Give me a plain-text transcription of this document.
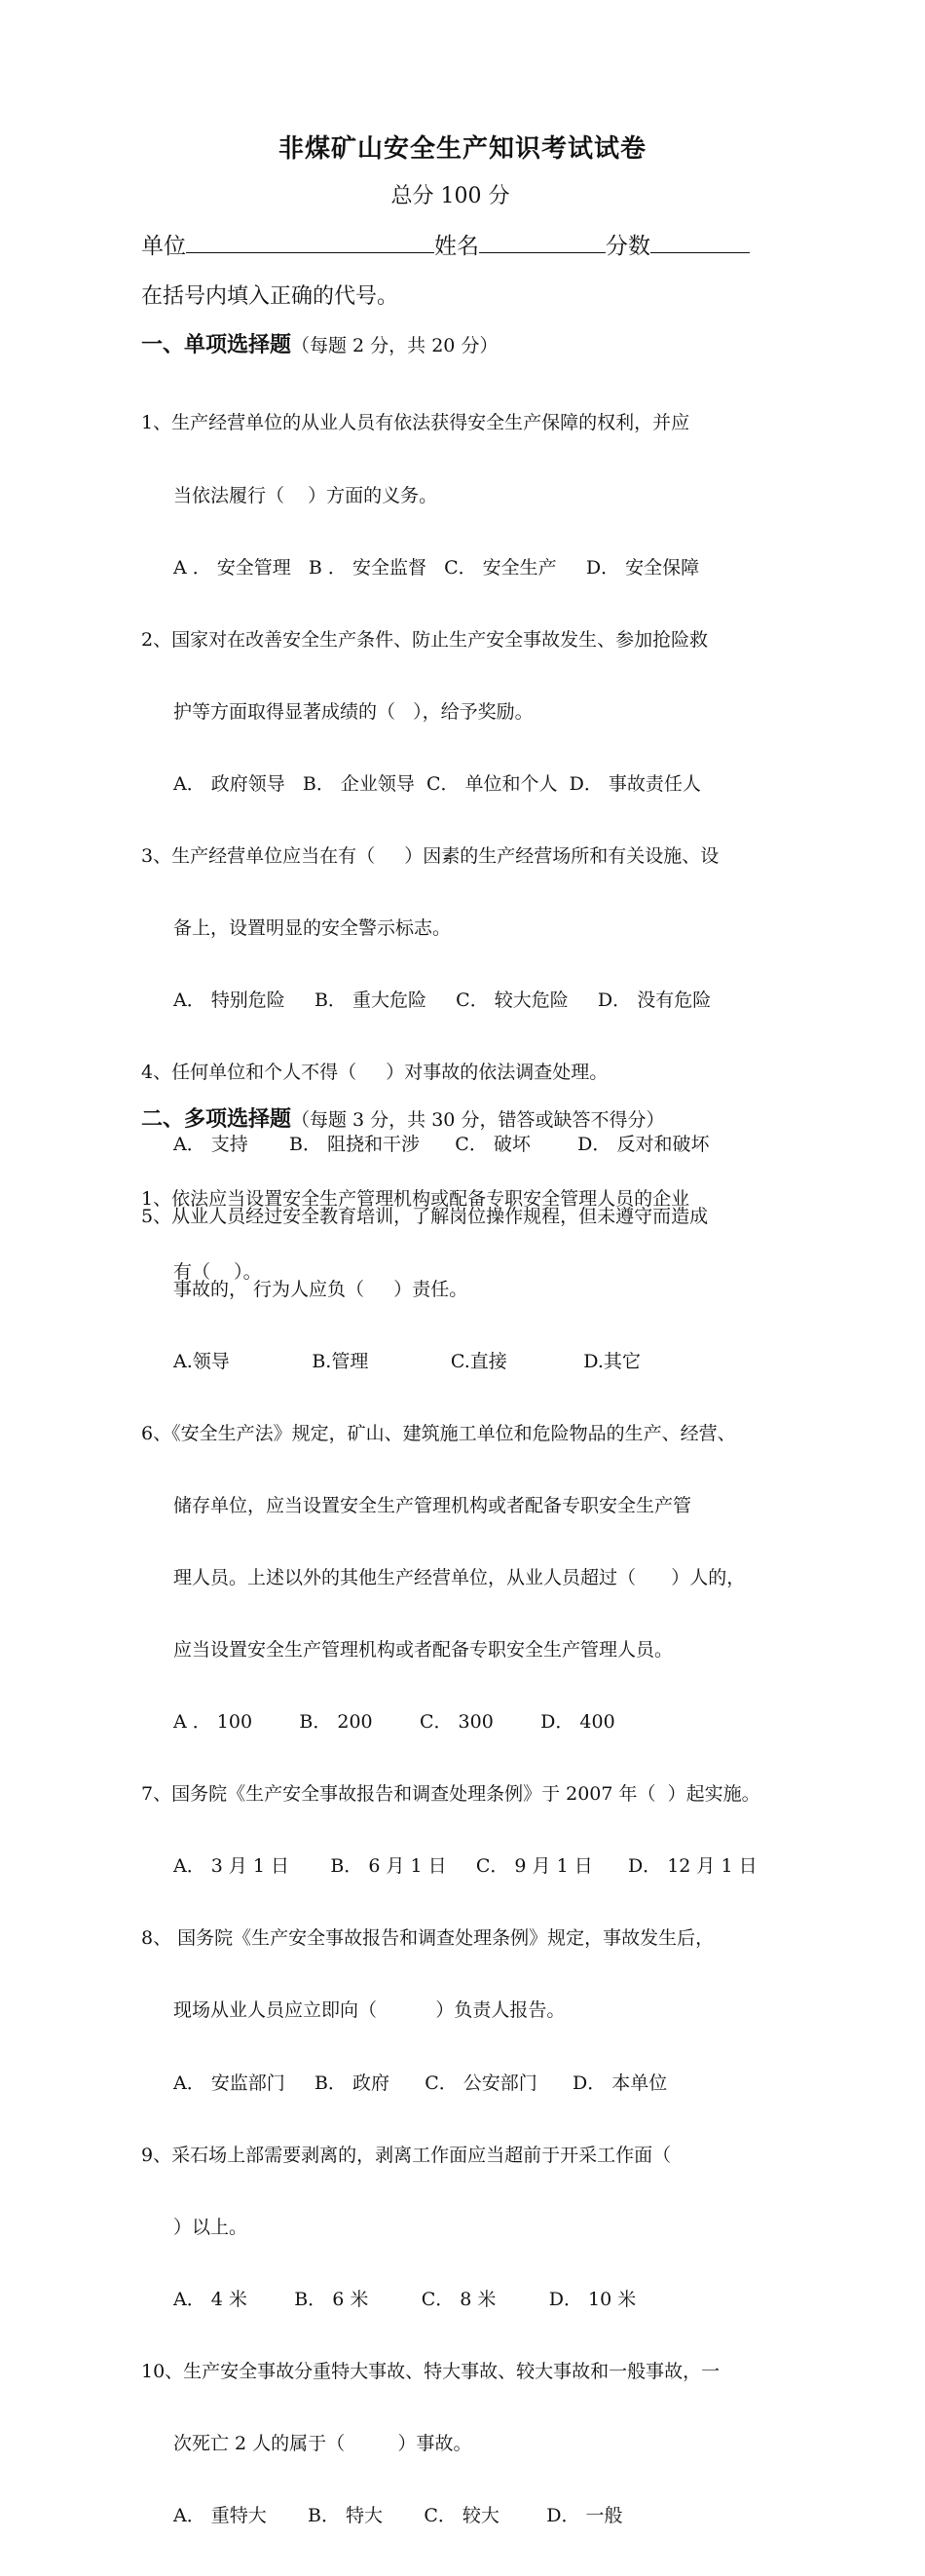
非煤矿山安全生产知识考试试卷
总分 100 分
单位	姓名	分数
在括号内填入正确的代号。
一、单项选择题（每题 2 分，共 20 分）

1、生产经营单位的从业人员有依法获得安全生产保障的权利，并应

当依法履行（    ）方面的义务。

A ． 安全管理   B ． 安全监督   C． 安全生产     D． 安全保障

2、国家对在改善安全生产条件、防止生产安全事故发生、参加抢险救

护等方面取得显著成绩的（   ），给予奖励。

A． 政府领导   B． 企业领导  C． 单位和个人  D． 事故责任人

3、生产经营单位应当在有（     ）因素的生产经营场所和有关设施、设

备上，设置明显的安全警示标志。

A． 特别危险     B． 重大危险     C． 较大危险     D． 没有危险

4、任何单位和个人不得（     ）对事故的依法调查处理。

A． 支持       B． 阻挠和干涉      C． 破坏        D． 反对和破坏

5、从业人员经过安全教育培训，了解岗位操作规程，但未遵守而造成

事故的， 行为人应负（     ）责任。

A.领导              B.管理              C.直接             D.其它

6、《安全生产法》规定，矿山、建筑施工单位和危险物品的生产、经营、

储存单位，应当设置安全生产管理机构或者配备专职安全生产管

理人员。上述以外的其他生产经营单位，从业人员超过（      ）人的，

应当设置安全生产管理机构或者配备专职安全生产管理人员。

A ． 100        B． 200        C． 300        D． 400

7、国务院《生产安全事故报告和调查处理条例》于 2007 年（  ）起实施。

A． 3 月 1 日       B． 6 月 1 日     C． 9 月 1 日      D． 12 月 1 日

8、 国务院《生产安全事故报告和调查处理条例》规定，事故发生后，

现场从业人员应立即向（          ）负责人报告。

A． 安监部门     B． 政府      C． 公安部门      D． 本单位

9、采石场上部需要剥离的，剥离工作面应当超前于开采工作面（

）以上。

A． 4 米        B． 6 米         C． 8 米         D． 10 米

10、生产安全事故分重特大事故、特大事故、较大事故和一般事故，一

次死亡 2 人的属于（         ）事故。

A． 重特大       B． 特大       C． 较大        D． 一般

二、多项选择题（每题 3 分，共 30 分，错答或缺答不得分）

1、依法应当设置安全生产管理机构或配备专职安全管理人员的企业

有（    ）。
